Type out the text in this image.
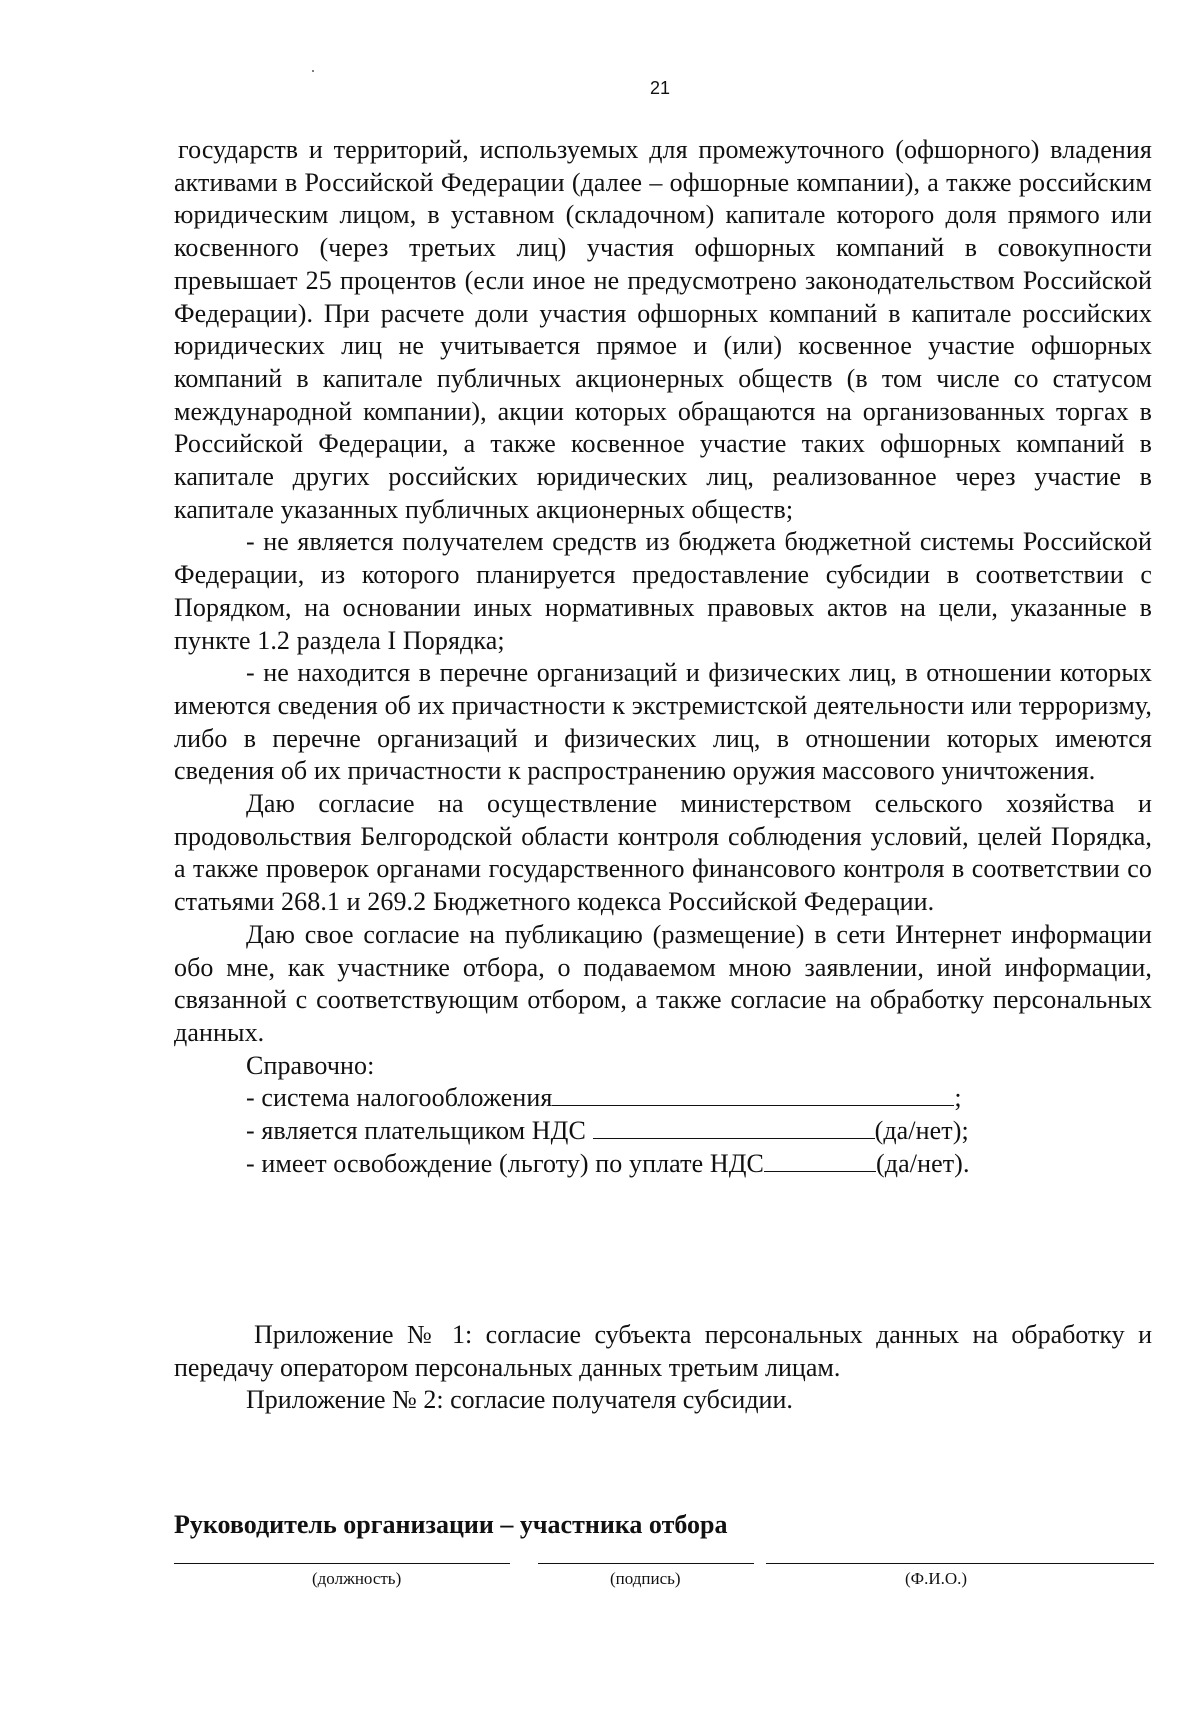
21

государств и территорий, используемых для промежуточного (офшорного) владения активами в Российской Федерации (далее – офшорные компании), а также российским юридическим лицом, в уставном (складочном) капитале которого доля прямого или косвенного (через третьих лиц) участия офшорных компаний в совокупности превышает 25 процентов (если иное не предусмотрено законодательством Российской Федерации). При расчете доли участия офшорных компаний в капитале российских юридических лиц не учитывается прямое и (или) косвенное участие офшорных компаний в капитале публичных акционерных обществ (в том числе со статусом международной компании), акции которых обращаются на организованных торгах в Российской Федерации, а также косвенное участие таких офшорных компаний в капитале других российских юридических лиц, реализованное через участие в капитале указанных публичных акционерных обществ;

- не является получателем средств из бюджета бюджетной системы Российской Федерации, из которого планируется предоставление субсидии в соответствии с Порядком, на основании иных нормативных правовых актов на цели, указанные в пункте 1.2 раздела I Порядка;

- не находится в перечне организаций и физических лиц, в отношении которых имеются сведения об их причастности к экстремистской деятельности или терроризму, либо в перечне организаций и физических лиц, в отношении которых имеются сведения об их причастности к распространению оружия массового уничтожения.

Даю согласие на осуществление министерством сельского хозяйства и продовольствия Белгородской области контроля соблюдения условий, целей Порядка, а также проверок органами государственного финансового контроля в соответствии со статьями 268.1 и 269.2 Бюджетного кодекса Российской Федерации.

Даю свое согласие на публикацию (размещение) в сети Интернет информации обо мне, как участнике отбора, о подаваемом мною заявлении, иной информации, связанной с соответствующим отбором, а также согласие на обработку персональных данных.

Справочно:

- система налогообложения	;

- является плательщиком НДС	(да/нет);

- имеет освобождение (льготу) по уплате НДС	(да/нет).

Приложение № 1: согласие субъекта персональных данных на обработку и передачу оператором персональных данных третьим лицам.

Приложение № 2: согласие получателя субсидии.

Руководитель организации – участника отбора
(должность)	(подпись)	(Ф.И.О.)
